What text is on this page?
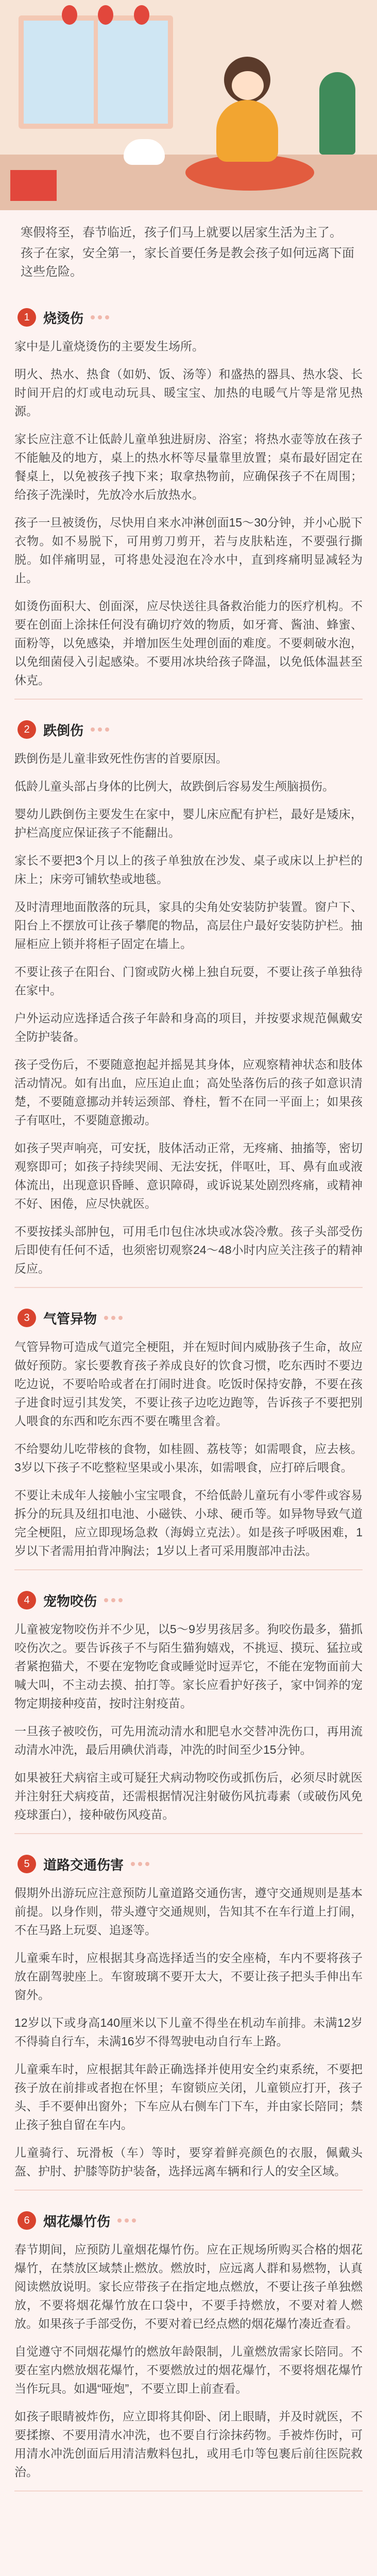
寒假将至，春节临近，孩子们马上就要以居家生活为主了。

孩子在家，安全第一，家长首要任务是教会孩子如何远离下面这些危险。

1	烧烫伤

家中是儿童烧烫伤的主要发生场所。

明火、热水、热食（如奶、饭、汤等）和盛热的器具、热水袋、长时间开启的灯或电动玩具、暖宝宝、加热的电暖气片等是常见热源。

家长应注意不让低龄儿童单独进厨房、浴室；将热水壶等放在孩子不能触及的地方，桌上的热水杯等尽量靠里放置；桌布最好固定在餐桌上，以免被孩子拽下来；取拿热物前，应确保孩子不在周围；给孩子洗澡时，先放冷水后放热水。

孩子一旦被烫伤，尽快用自来水冲淋创面15～30分钟，并小心脱下衣物。如不易脱下，可用剪刀剪开，若与皮肤粘连，不要强行撕脱。如伴痛明显，可将患处浸泡在冷水中，直到疼痛明显减轻为止。

如烫伤面积大、创面深，应尽快送往具备救治能力的医疗机构。不要在创面上涂抹任何没有确切疗效的物质，如牙膏、酱油、蜂蜜、面粉等，以免感染，并增加医生处理创面的难度。不要刺破水泡，以免细菌侵入引起感染。不要用冰块给孩子降温，以免低体温甚至休克。

2	跌倒伤

跌倒伤是儿童非致死性伤害的首要原因。

低龄儿童头部占身体的比例大，故跌倒后容易发生颅脑损伤。

婴幼儿跌倒伤主要发生在家中，婴儿床应配有护栏，最好是矮床，护栏高度应保证孩子不能翻出。

家长不要把3个月以上的孩子单独放在沙发、桌子或床以上护栏的床上；床旁可铺软垫或地毯。

及时清理地面散落的玩具，家具的尖角处安装防护装置。窗户下、阳台上不摆放可让孩子攀爬的物品，高层住户最好安装防护栏。抽屉柜应上锁并将柜子固定在墙上。

不要让孩子在阳台、门窗或防火梯上独自玩耍，不要让孩子单独待在家中。

户外运动应选择适合孩子年龄和身高的项目，并按要求规范佩戴安全防护装备。

孩子受伤后，不要随意抱起并摇晃其身体，应观察精神状态和肢体活动情况。如有出血，应压迫止血；高处坠落伤后的孩子如意识清楚，不要随意挪动并转运颈部、脊柱，暂不在同一平面上；如果孩子有呕吐，不要随意搬动。

如孩子哭声响亮，可安抚，肢体活动正常，无疼痛、抽搐等，密切观察即可；如孩子持续哭闹、无法安抚，伴呕吐，耳、鼻有血或液体流出，出现意识昏睡、意识障碍，或诉说某处剧烈疼痛，或精神不好、困倦，应尽快就医。

不要按揉头部肿包，可用毛巾包住冰块或冰袋冷敷。孩子头部受伤后即使有任何不适，也须密切观察24～48小时内应关注孩子的精神反应。

3	气管异物

气管异物可造成气道完全梗阻，并在短时间内威胁孩子生命，故应做好预防。家长要教育孩子养成良好的饮食习惯，吃东西时不要边吃边说，不要哈哈或者在打闹时进食。吃饭时保持安静，不要在孩子进食时逗引其发笑，不要让孩子边吃边跑等，告诉孩子不要把别人喂食的东西和吃东西不要在嘴里含着。

不给婴幼儿吃带核的食物，如桂圆、荔枝等；如需喂食，应去核。3岁以下孩子不吃整粒坚果或小果冻，如需喂食，应打碎后喂食。

不要让未成年人接触小宝宝喂食，不给低龄儿童玩有小零件或容易拆分的玩具及纽扣电池、小磁铁、小球、硬币等。如异物导致气道完全梗阻，应立即现场急救（海姆立克法）。如是孩子呼吸困难，1岁以下者需用拍背冲胸法；1岁以上者可采用腹部冲击法。

4	宠物咬伤

儿童被宠物咬伤并不少见，以5～9岁男孩居多。狗咬伤最多，猫抓咬伤次之。要告诉孩子不与陌生猫狗嬉戏，不挑逗、摸玩、猛拉或者紧抱猫犬，不要在宠物吃食或睡觉时逗弄它，不能在宠物面前大喊大叫，不主动去摸、拍打等。家长应看护好孩子，家中饲养的宠物定期接种疫苗，按时注射疫苗。

一旦孩子被咬伤，可先用流动清水和肥皂水交替冲洗伤口，再用流动清水冲洗，最后用碘伏消毒，冲洗的时间至少15分钟。

如果被狂犬病宿主或可疑狂犬病动物咬伤或抓伤后，必须尽时就医并注射狂犬病疫苗，还需根据情况注射破伤风抗毒素（或破伤风免疫球蛋白），接种破伤风疫苗。

5	道路交通伤害

假期外出游玩应注意预防儿童道路交通伤害，遵守交通规则是基本前提。以身作则，带头遵守交通规则，告知其不在车行道上打闹，不在马路上玩耍、追逐等。

儿童乘车时，应根据其身高选择适当的安全座椅，车内不要将孩子放在副驾驶座上。车窗玻璃不要开太大，不要让孩子把头手伸出车窗外。

12岁以下或身高140厘米以下儿童不得坐在机动车前排。未满12岁不得骑自行车，未满16岁不得驾驶电动自行车上路。

儿童乘车时，应根据其年龄正确选择并使用安全约束系统，不要把孩子放在前排或者抱在怀里；车窗锁应关闭，儿童锁应打开，孩子头、手不要伸出窗外；下车应从右侧车门下车，并由家长陪同；禁止孩子独自留在车内。

儿童骑行、玩滑板（车）等时，要穿着鲜亮颜色的衣服，佩戴头盔、护肘、护膝等防护装备，选择远离车辆和行人的安全区域。

6	烟花爆竹伤

春节期间，应预防儿童烟花爆竹伤。应在正规场所购买合格的烟花爆竹，在禁放区域禁止燃放。燃放时，应远离人群和易燃物，认真阅读燃放说明。家长应带孩子在指定地点燃放，不要让孩子单独燃放，不要将烟花爆竹放在口袋中，不要手持燃放，不要对着人燃放。如果孩子手部受伤，不要对着已经点燃的烟花爆竹凑近查看。

自觉遵守不同烟花爆竹的燃放年龄限制，儿童燃放需家长陪同。不要在室内燃放烟花爆竹，不要燃放过的烟花爆竹，不要将烟花爆竹当作玩具。如遇“哑炮”，不要立即上前查看。

如孩子眼睛被炸伤，应立即将其仰卧、闭上眼睛，并及时就医，不要揉擦、不要用清水冲洗，也不要自行涂抹药物。手被炸伤时，可用清水冲洗创面后用清洁敷料包扎，或用毛巾等包裹后前往医院救治。
